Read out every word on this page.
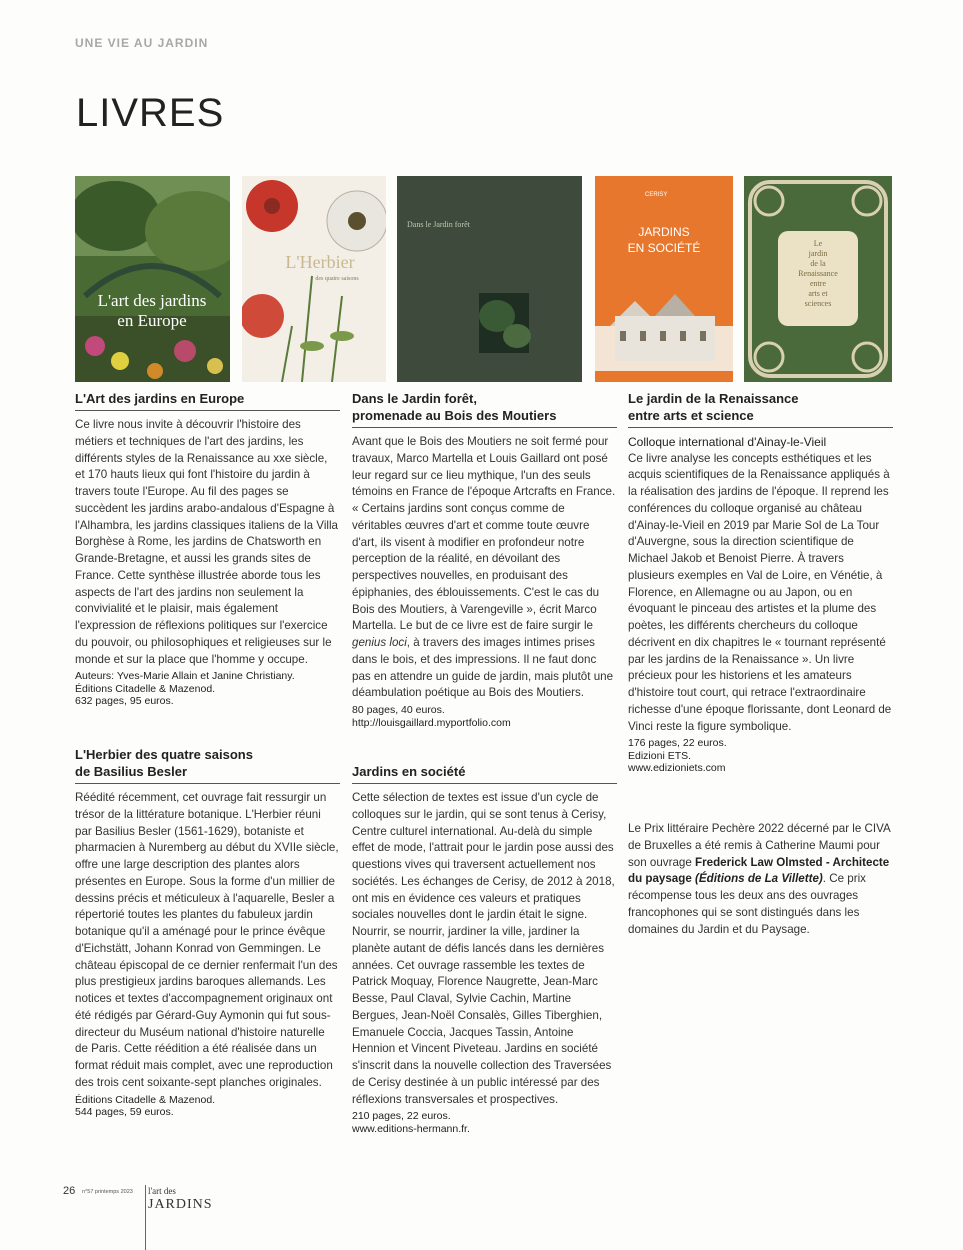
UNE VIE AU JARDIN
LIVRES
L'art des jardins
en Europe
L'Herbier
des quatre saisons
Dans le Jardin forêt
CERISY
JARDINS
EN SOCIÉTÉ	Le
jardin
de la
Renaissance
entre
arts et
sciences
L'Art des jardins en Europe

Ce livre nous invite à découvrir l'histoire des métiers et techniques de l'art des jardins, les différents styles de la Renaissance au xxe siècle, et 170 hauts lieux qui font l'histoire du jardin à travers toute l'Europe. Au fil des pages se succèdent les jardins arabo-andalous d'Espagne à l'Alhambra, les jardins classiques italiens de la Villa Borghèse à Rome, les jardins de Chatsworth en Grande-Bretagne, et aussi les grands sites de France. Cette synthèse illustrée aborde tous les aspects de l'art des jardins non seulement la convivialité et le plaisir, mais également l'expression de réflexions politiques sur l'exercice du pouvoir, ou philosophiques et religieuses sur le monde et sur la place que l'homme y occupe.

Auteurs: Yves-Marie Allain et Janine Christiany.
Éditions Citadelle & Mazenod.
632 pages, 95 euros.
L'Herbier des quatre saisons
de Basilius Besler

Réédité récemment, cet ouvrage fait ressurgir un trésor de la littérature botanique. L'Herbier réuni par Basilius Besler (1561-1629), botaniste et pharmacien à Nuremberg au début du XVIIe siècle, offre une large description des plantes alors présentes en Europe. Sous la forme d'un millier de dessins précis et méticuleux à l'aquarelle, Besler a répertorié toutes les plantes du fabuleux jardin botanique qu'il a aménagé pour le prince évêque d'Eichstätt, Johann Konrad von Gemmingen. Le château épiscopal de ce dernier renfermait l'un des plus prestigieux jardins baroques allemands. Les notices et textes d'accompagnement originaux ont été rédigés par Gérard-Guy Aymonin qui fut sous-directeur du Muséum national d'histoire naturelle de Paris. Cette réédition a été réalisée dans un format réduit mais complet, avec une reproduction des trois cent soixante-sept planches originales.

Éditions Citadelle & Mazenod.
544 pages, 59 euros.
Dans le Jardin forêt,
promenade au Bois des Moutiers

Avant que le Bois des Moutiers ne soit fermé pour travaux, Marco Martella et Louis Gaillard ont posé leur regard sur ce lieu mythique, l'un des seuls témoins en France de l'époque Artcrafts en France. « Certains jardins sont conçus comme de véritables œuvres d'art et comme toute œuvre d'art, ils visent à modifier en profondeur notre perception de la réalité, en dévoilant des perspectives nouvelles, en produisant des épiphanies, des éblouissements. C'est le cas du Bois des Moutiers, à Varengeville », écrit Marco Martella. Le but de ce livre est de faire surgir le genius loci, à travers des images intimes prises dans le bois, et des impressions. Il ne faut donc pas en attendre un guide de jardin, mais plutôt une déambulation poétique au Bois des Moutiers.

80 pages, 40 euros.
http://louisgaillard.myportfolio.com
Jardins en société

Cette sélection de textes est issue d'un cycle de colloques sur le jardin, qui se sont tenus à Cerisy, Centre culturel international. Au-delà du simple effet de mode, l'attrait pour le jardin pose aussi des questions vives qui traversent actuellement nos sociétés. Les échanges de Cerisy, de 2012 à 2018, ont mis en évidence ces valeurs et pratiques sociales nouvelles dont le jardin était le signe. Nourrir, se nourrir, jardiner la ville, jardiner la planète autant de défis lancés dans les dernières années. Cet ouvrage rassemble les textes de Patrick Moquay, Florence Naugrette, Jean-Marc Besse, Paul Claval, Sylvie Cachin, Martine Bergues, Jean-Noël Consalès, Gilles Tiberghien, Emanuele Coccia, Jacques Tassin, Antoine Hennion et Vincent Piveteau. Jardins en société s'inscrit dans la nouvelle collection des Traversées de Cerisy destinée à un public intéressé par des réflexions transversales et prospectives.

210 pages, 22 euros.
www.editions-hermann.fr.
Le jardin de la Renaissance
entre arts et science
Colloque international d'Ainay-le-Vieil

Ce livre analyse les concepts esthétiques et les acquis scientifiques de la Renaissance appliqués à la réalisation des jardins de l'époque. Il reprend les conférences du colloque organisé au château d'Ainay-le-Vieil en 2019 par Marie Sol de La Tour d'Auvergne, sous la direction scientifique de Michael Jakob et Benoist Pierre. À travers plusieurs exemples en Val de Loire, en Vénétie, à Florence, en Allemagne ou au Japon, ou en évoquant le pinceau des artistes et la plume des poètes, les différents chercheurs du colloque décrivent en dix chapitres le « tournant représenté par les jardins de la Renaissance ». Un livre précieux pour les historiens et les amateurs d'histoire tout court, qui retrace l'extraordinaire richesse d'une époque florissante, dont Leonard de Vinci reste la figure symbolique.

176 pages, 22 euros.
Edizioni ETS.
www.edizioniets.com
Le Prix littéraire Pechère 2022 décerné par le CIVA de Bruxelles a été remis à Catherine Maumi pour son ouvrage Frederick Law Olmsted - Architecte du paysage (Éditions de La Villette). Ce prix récompense tous les deux ans des ouvrages francophones qui se sont distingués dans les domaines du Jardin et du Paysage.
26 n°57 printemps 2023 l'art des
JARDINS
